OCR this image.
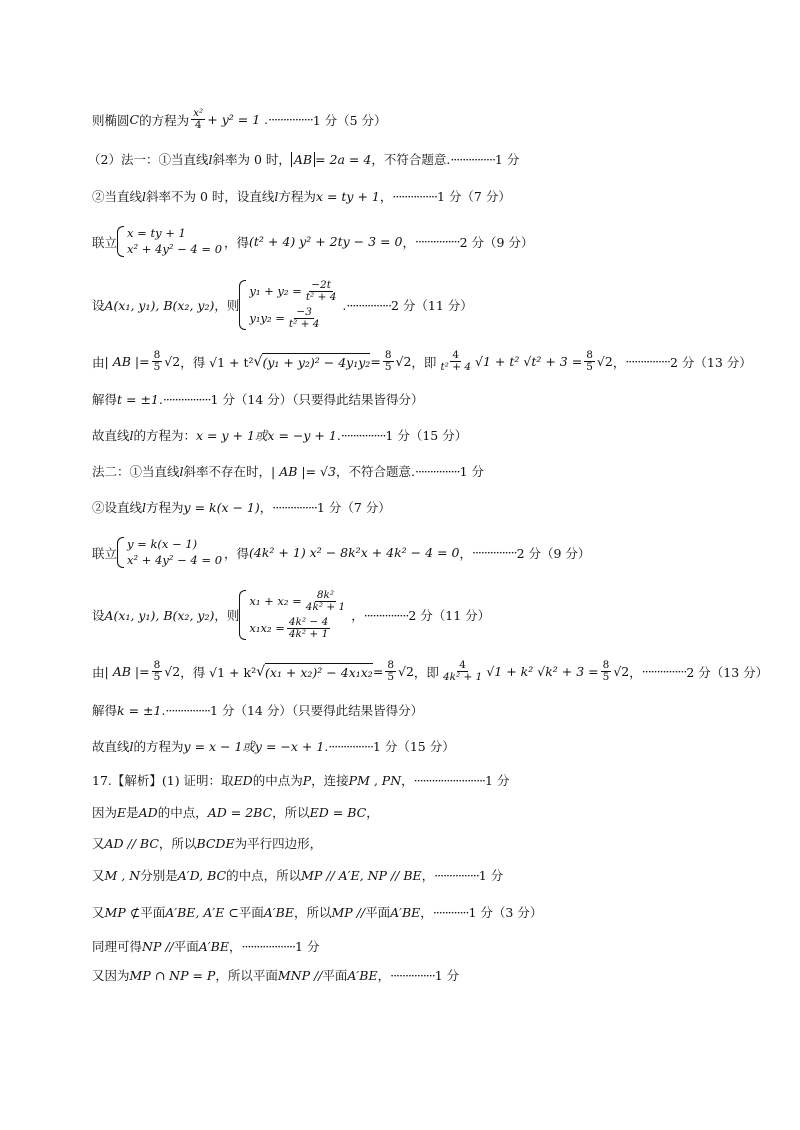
则椭圆 C 的方程为 $\frac{\text{x²}}{4} + y^2 = 1$ . ··············· 1 分（5 分）
（2）法一：①当直线 l 斜率为 0 时， AB = 2a = 4 ，不符合题意. ··············· 1 分
②当直线 l 斜率不为 0 时，设直线 l 方程为 x = ty + 1 ， ··············· 1 分（7 分）
联立
x = ty + 1
x² + 4y² − 4 = 0 ，得 (t² + 4) y² + 2ty − 3 = 0 ， ··············· 2 分（9 分）
设 A(x₁, y₁), B(x₂, y₂) ，则
$y_1 + y_2 = \frac{-2t}{\text{t² + 4}}$
$y_1y_2 = \frac{-3}{\text{t² + 4}}$
. ··············· 2 分（11 分）
由 | AB |= $\frac{8}{5} √2$ ，得 √1 + t² √ $(y_1 + y_2)^2 - 4y_1y_2 = \frac{8}{5} √2$ ，即 $\frac{4}{\text{t² + 4}} √1 + t^2$ $√t^2 + 3 = \frac{8}{5} √2$ ， ··············· 2 分（13 分）
解得 t = ±1 . ················ 1 分（14 分）（只要得此结果皆得分）
故直线 l 的方程为： x = y + 1或x = −y + 1 . ··············· 1 分（15 分）
法二：①当直线 l 斜率不存在时， | AB |= √3 ，不符合题意. ··············· 1 分
②设直线 l 方程为 y = k(x − 1) ， ··············· 1 分（7 分）
联立
y = k(x − 1)
x² + 4y² − 4 = 0 ，得 (4k² + 1) x² − 8k²x + 4k² − 4 = 0 ， ··············· 2 分（9 分）
设 A(x₁, y₁), B(x₂, y₂) ，则
$x_1 + x_2 = \frac{\text{8k²}}{\text{4k² + 1}}$
$x_1x_2 = \frac{\text{4k² − 4}}{\text{4k² + 1}}$
， ··············· 2 分（11 分）
由 | AB |= $\frac{8}{5} √2$ ，得 √1 + k² √ $(x_1 + x_2)^2 - 4x_1x_2 = \frac{8}{5} √2$ ，即 $\frac{4}{\text{4k² + 1}} √1 + k^2$ $√k^2 + 3 = \frac{8}{5} √2$ ， ··············· 2 分（13 分）
解得 k = ±1 . ··············· 1 分（14 分）（只要得此结果皆得分）
故直线 l 的方程为 y = x − 1或y = −x + 1 . ··············· 1 分（15 分）
17.【解析】(1) 证明：取 ED 的中点为 P ，连接 PM , PN ， ························ 1 分
因为 E 是 AD 的中点， AD = 2BC ，所以 ED = BC ，
又 AD // BC ，所以 BCDE 为平行四边形，
又 M , N 分别是 A′D, BC 的中点，所以 MP // A′E, NP // BE ， ··············· 1 分
又 MP ⊄ 平面 A′BE, A′E ⊂ 平面 A′BE ，所以 MP // 平面 A′BE ， ············ 1 分（3 分）
同理可得 NP // 平面 A′BE ， ·················· 1 分
又因为 MP ∩ NP = P ，所以平面 MNP // 平面 A′BE ， ··············· 1 分
